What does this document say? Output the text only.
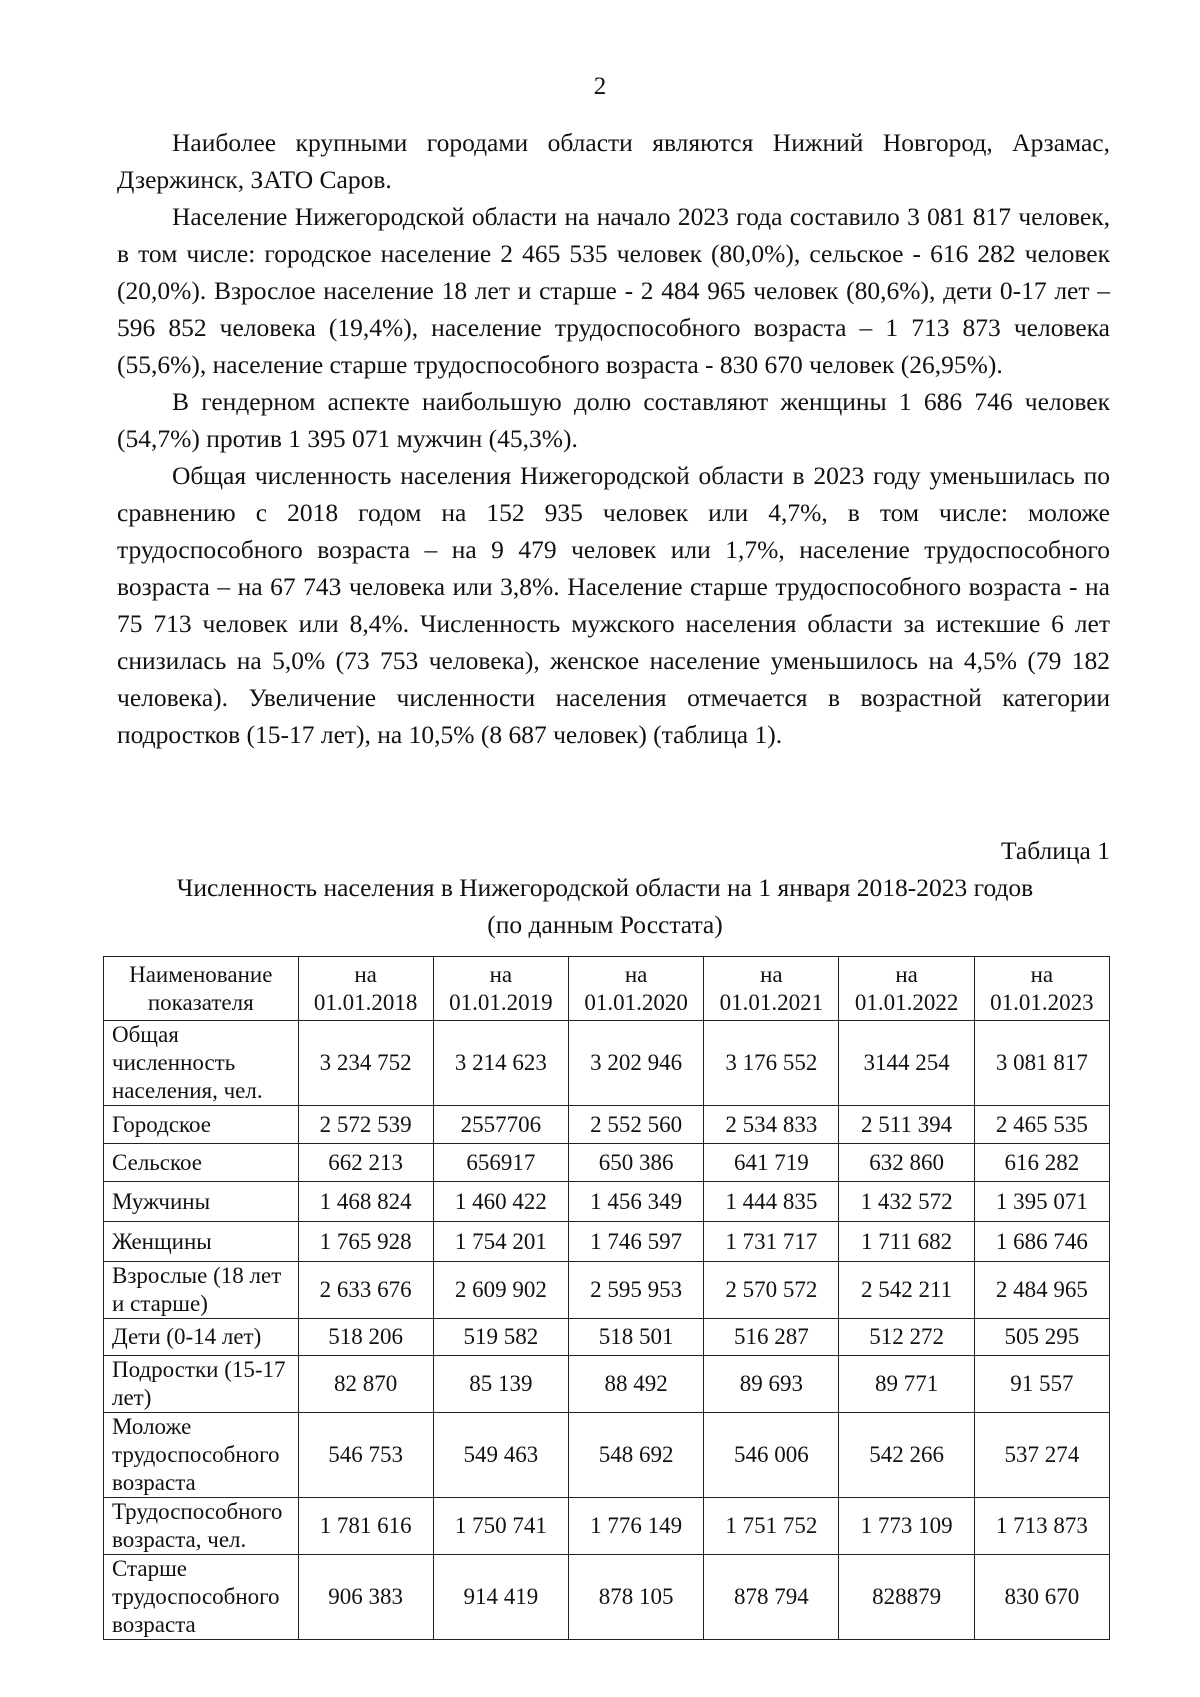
2

Наиболее крупными городами области являются Нижний Новгород, Арзамас, Дзержинск, ЗАТО Саров.

Население Нижегородской области на начало 2023 года составило 3 081 817 человек, в том числе: городское население 2 465 535 человек (80,0%), сельское - 616 282 человек (20,0%). Взрослое население 18 лет и старше - 2 484 965 человек (80,6%), дети 0-17 лет – 596 852 человека (19,4%), население трудоспособного возраста – 1 713 873 человека (55,6%), население старше трудоспособного возраста - 830 670 человек (26,95%).

В гендерном аспекте наибольшую долю составляют женщины 1 686 746 человек (54,7%) против 1 395 071 мужчин (45,3%).

Общая численность населения Нижегородской области в 2023 году уменьшилась по сравнению с 2018 годом на 152 935 человек или 4,7%, в том числе: моложе трудоспособного возраста – на 9 479 человек или 1,7%, население трудоспособного возраста – на 67 743 человека или 3,8%. Население старше трудоспособного возраста - на 75 713 человек или 8,4%. Численность мужского населения области за истекшие 6 лет снизилась на 5,0% (73 753 человека), женское население уменьшилось на 4,5% (79 182 человека). Увеличение численности населения отмечается в возрастной категории подростков (15-17 лет), на 10,5% (8 687 человек) (таблица 1).

Таблица 1
Численность населения в Нижегородской области на 1 января 2018-2023 годов
(по данным Росстата)
Наименование показателя	на 01.01.2018	на 01.01.2019	на 01.01.2020	на 01.01.2021	на 01.01.2022	на 01.01.2023
Общая численность населения, чел.	3 234 752	3 214 623	3 202 946	3 176 552	3144 254	3 081 817
Городское	2 572 539	2557706	2 552 560	2 534 833	2 511 394	2 465 535
Сельское	662 213	656917	650 386	641 719	632 860	616 282
Мужчины	1 468 824	1 460 422	1 456 349	1 444 835	1 432 572	1 395 071
Женщины	1 765 928	1 754 201	1 746 597	1 731 717	1 711 682	1 686 746
Взрослые (18 лет и старше)	2 633 676	2 609 902	2 595 953	2 570 572	2 542 211	2 484 965
Дети (0-14 лет)	518 206	519 582	518 501	516 287	512 272	505 295
Подростки (15-17 лет)	82 870	85 139	88 492	89 693	89 771	91 557
Моложе трудоспособного возраста	546 753	549 463	548 692	546 006	542 266	537 274
Трудоспособного возраста, чел.	1 781 616	1 750 741	1 776 149	1 751 752	1 773 109	1 713 873
Старше трудоспособного возраста	906 383	914 419	878 105	878 794	828879	830 670
